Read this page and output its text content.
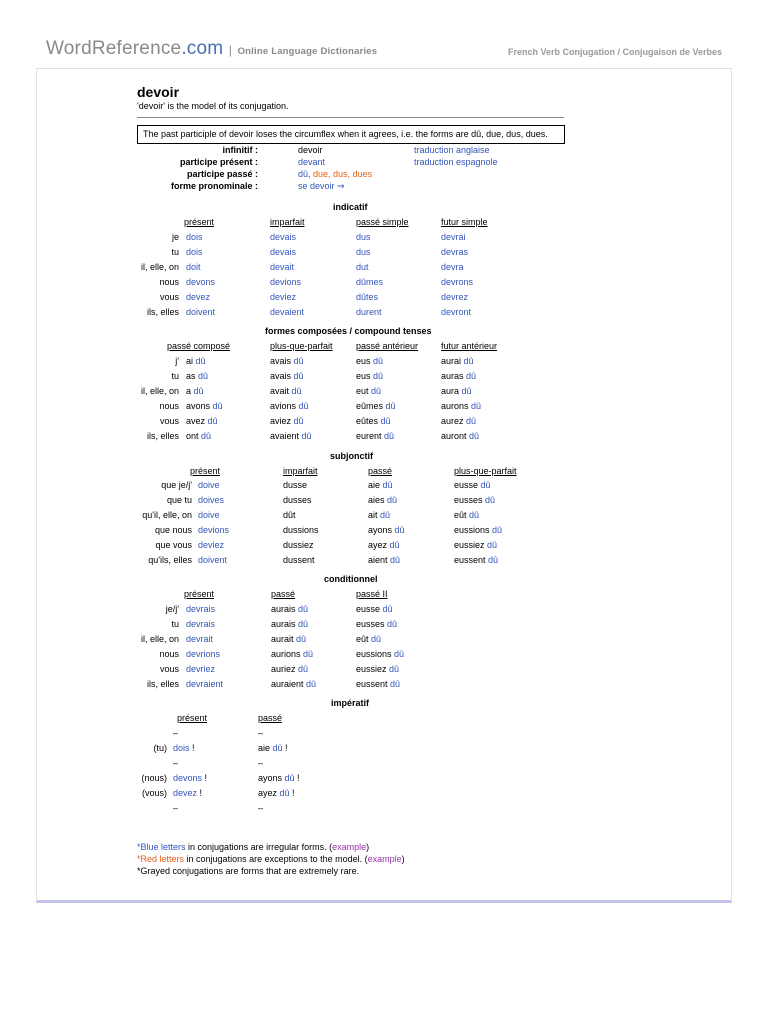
WordReference.com | Online Language Dictionaries	French Verb Conjugation / Conjugaison de Verbes
devoir
'devoir' is the model of its conjugation.
The past participle of devoir loses the circumflex when it agrees, i.e. the forms are dû, due, dus, dues.
infinitif :	devoir	traduction anglaise
participe présent :	devant	traduction espagnole
participe passé :	dû, due, dus, dues
forme pronominale :	se devoir ⇒
indicatif
présent	imparfait	passé simple	futur simple
je dois	devais	dus	devrai
tu dois	devais	dus	devras
il, elle, on doit	devait	dut	devra
nous devons	devions	dûmes	devrons
vous devez	deviez	dûtes	devrez
ils, elles doivent	devaient	durent	devront
formes composées / compound tenses
passé composé	plus-que-parfait	passé antérieur	futur antérieur
j' ai dû	avais dû	eus dû	aurai dû
tu as dû	avais dû	eus dû	auras dû
il, elle, on a dû	avait dû	eut dû	aura dû
nous avons dû	avions dû	eûmes dû	aurons dû
vous avez dû	aviez dû	eûtes dû	aurez dû
ils, elles ont dû	avaient dû	eurent dû	auront dû
subjonctif
présent	imparfait	passé	plus-que-parfait
que je/j' doive	dusse	aie dû	eusse dû
que tu doives	dusses	aies dû	eusses dû
qu'il, elle, on doive	dût	ait dû	eût dû
que nous devions	dussions	ayons dû	eussions dû
que vous deviez	dussiez	ayez dû	eussiez dû
qu'ils, elles doivent	dussent	aient dû	eussent dû
conditionnel
présent	passé	passé II
je/j' devrais	aurais dû	eusse dû
tu devrais	aurais dû	eusses dû
il, elle, on devrait	aurait dû	eût dû
nous devrions	aurions dû	eussions dû
vous devriez	auriez dû	eussiez dû
ils, elles devraient	auraient dû	eussent dû
impératif
présent	passé
–	–
(tu) dois !	aie dû !
–	–
(nous) devons !	ayons dû !
(vous) devez !	ayez dû !
–	–
*Blue letters in conjugations are irregular forms. (example)
*Red letters in conjugations are exceptions to the model. (example)
*Grayed conjugations are forms that are extremely rare.
